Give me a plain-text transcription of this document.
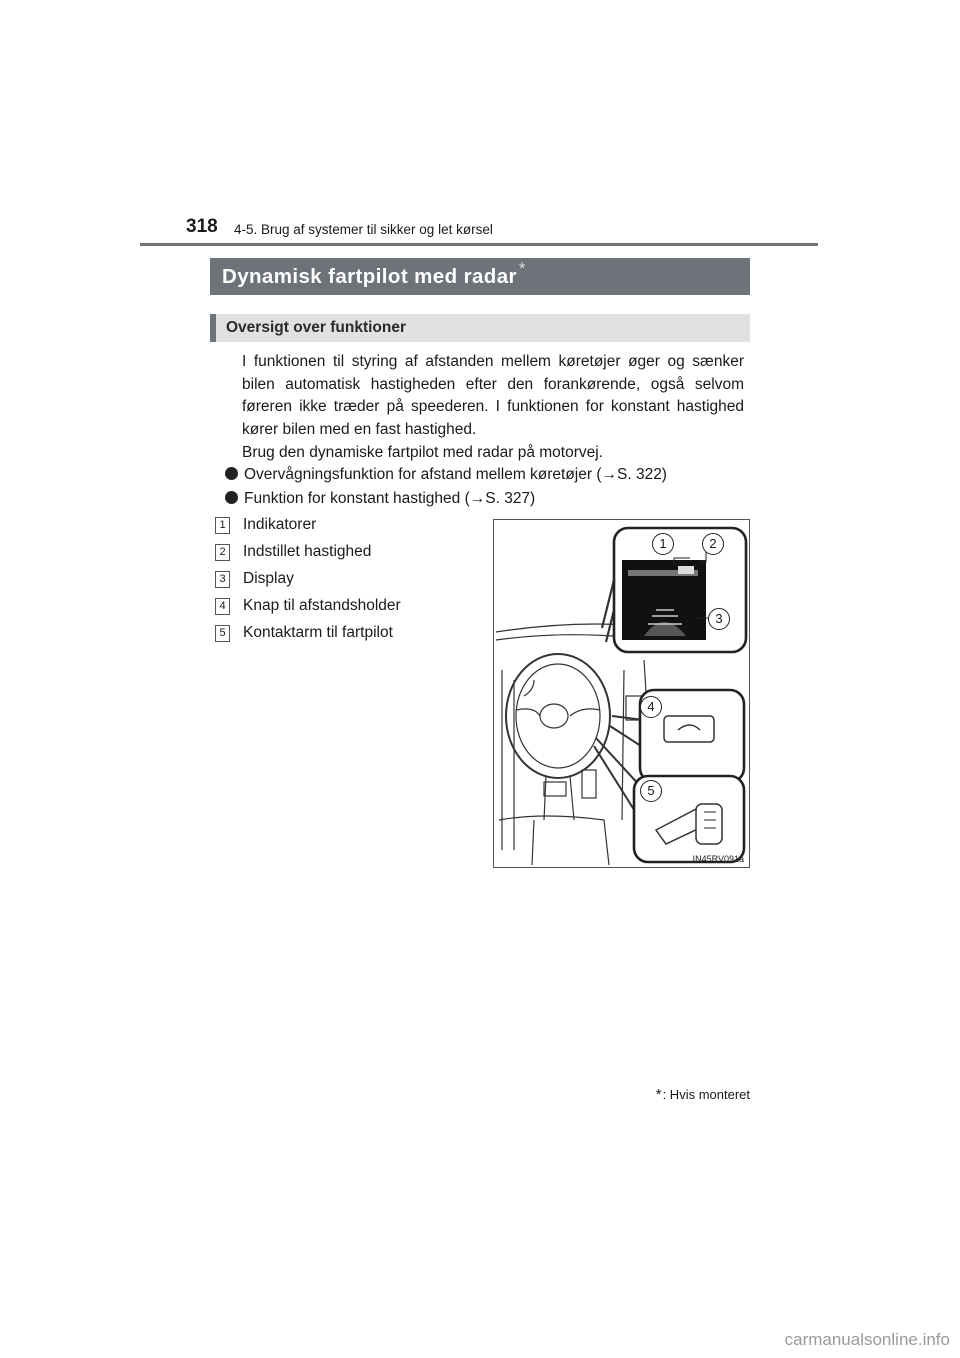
318 4-5. Brug af systemer til sikker og let kørsel
Dynamisk fartpilot med radar *
Oversigt over funktioner

I funktionen til styring af afstanden mellem køretøjer øger og sænker bilen automatisk hastigheden efter den forankørende, også selvom føreren ikke træder på speederen. I funktionen for konstant hastighed kører bilen med en fast hastighed.

Brug den dynamiske fartpilot med radar på motorvej.

Overvågningsfunktion for afstand mellem køretøjer (→S. 322)
Funktion for konstant hastighed (→S. 327)
1 Indikatorer
2 Indstillet hastighed
3 Display
4 Knap til afstandsholder
5 Kontaktarm til fartpilot
1	2
3
4
5
IN45RV091a
*: Hvis monteret
carmanualsonline.info
